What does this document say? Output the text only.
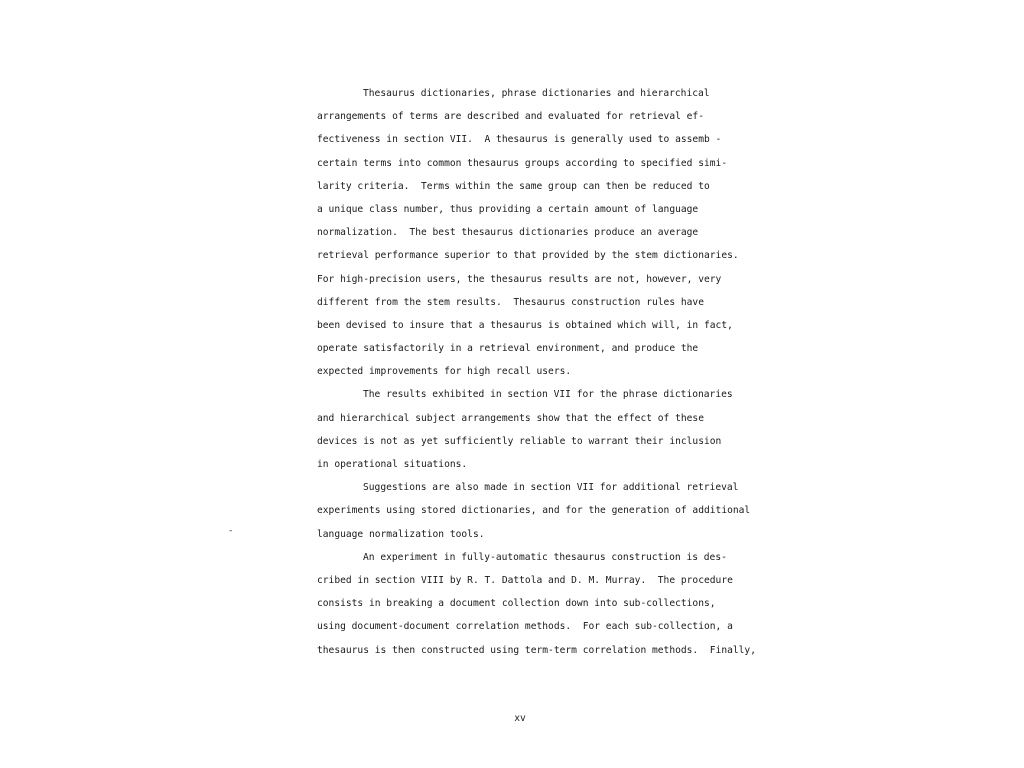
Thesaurus dictionaries, phrase dictionaries and hierarchical
arrangements of terms are described and evaluated for retrieval ef-
fectiveness in section VII.  A thesaurus is generally used to assemb -
certain terms into common thesaurus groups according to specified simi-
larity criteria.  Terms within the same group can then be reduced to
a unique class number, thus providing a certain amount of language
normalization.  The best thesaurus dictionaries produce an average
retrieval performance superior to that provided by the stem dictionaries.
For high-precision users, the thesaurus results are not, however, very
different from the stem results.  Thesaurus construction rules have
been devised to insure that a thesaurus is obtained which will, in fact,
operate satisfactorily in a retrieval environment, and produce the
expected improvements for high recall users.
The results exhibited in section VII for the phrase dictionaries
and hierarchical subject arrangements show that the effect of these
devices is not as yet sufficiently reliable to warrant their inclusion
in operational situations.
Suggestions are also made in section VII for additional retrieval
experiments using stored dictionaries, and for the generation of additional
language normalization tools.
An experiment in fully-automatic thesaurus construction is des-
cribed in section VIII by R. T. Dattola and D. M. Murray.  The procedure
consists in breaking a document collection down into sub-collections,
using document-document correlation methods.  For each sub-collection, a
thesaurus is then constructed using term-term correlation methods.  Finally,
-
xv
